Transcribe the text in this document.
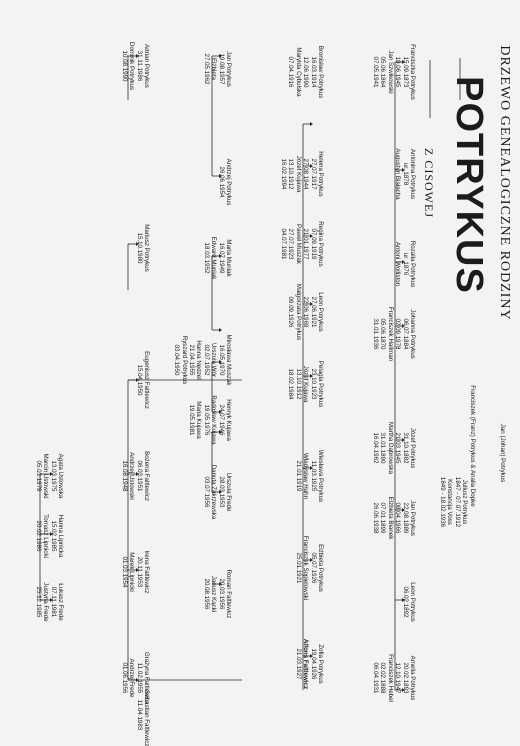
DRZEWO GENEALOGICZNE RODZINY
POTRYKUS
Z CISOWEJ
Jan (Johan) Potrykus
Franciszek (Franz) Potrykus & Analia Dopke
Juliusz Potrykus
1847 - 07.07.1912
Konstancja Voss
1849 - 18.02.1936
Franciszka Potrykus
15.09.1873
10.06.1945
Jan Szwikowski
05.06.1864
07.05.1941
Antonina Potrykus
ur. 1878
Augustyn Białacha
Rozalia Potrykus
ur. 1876
Antoni Wolliston
Johanna Potrykus
06.07.1884
02.09.1978
Franciszek Hallman
05.06.1870
31.01.1936
Józef Potrykus
31.10.1882
21.03.1945
Martha Dąbrowska
31.01.1890
16.04.1962
Jan Potrykus
22.08.1889
08.04.1966
Elżbieta Bianek
07.01.1899
26.06.1938
Leon Potrykus
06.02.1892
Amelia Potrykus
20.02.1893
12.10.1947
Franciszek Hebel
02.02.1888
06.04.1931
Bronisław Potrykus
16.03.1914
12.06.1990
Marylda Cybulska
07.04.1916
Helena Potrykus
27.07.1917
27.08.1944
Józef Kujawa
13.10.1912
16.02.1994
Regina Potrykus
07.09.1919
21.01.1977
Paweł Muszak
27.07.1923
04.07.1981
Leon Potrykus
27.06.1921
22.06.1969
Małgorzata Potrykus
09.09.1926
Pelagia Potrykus
23.10.1923
Józef Kujawa
13.10.1912
18.02.1984
Wiesława Potrykus
11.03.1925
Władysław Hahn
21.01.1919
Elżbieta Potrykus
05.07.1926
Franciszek Sopielowski
25.01.1921
Zofia Potrykus
19.04.1926
Alfons Faltlewicz
21.03.1927
Jan Potrykus
19.08.1957
Elżbieta
27.05.1962
Andrzej Potrykus
26.06.1954
Maria Muniak
16.07.1949
Edward Muniak
18.03.1952
Mirosława Muszak
16.05.1970
Urszula Wór
02.07.1952
Hanna Nędzel
21.04.1955
Ryszard Potrykus
03.04.1950
Henryk Kujawa
24.07.1946
Radosław Kujawa
19.05.1976
Maria Kujawa
19.05.1981
Urszula Frede
28.03.1953
Danuta Zakrzewska
03.07.1956
Roman Faltlewicz
20.03.1956
Janusz Kącki
20.08.1956
Adrian Potrykus
31.11.1986
Dominik Potrykus
10.08.1990
Mariusz Potrykus
15.10.1980
Eugeniusz Faltlewicz
15.04.1950
Bożena Faltlewicz
06.03.1951
Andrzej Ustowski
16.08.1948
Irena Faltlewicz
20.11.1953
Marek Lipnicki
01.03.1954
Grażyna Faltlewicz
11.02.1955
Andrzej Frede
01.06.1956
Sebastian Faltlewicz
11.04.1983
Agata Ustowska
13.03.1975
Marcin Ustowski
05.03.1979
Hanna Lipnicka
15.02.1985
Tomasz Lipnicki
20.02.1986
Łukasz Frede
07.11.1981
Justyna Frede
25.12.1985
